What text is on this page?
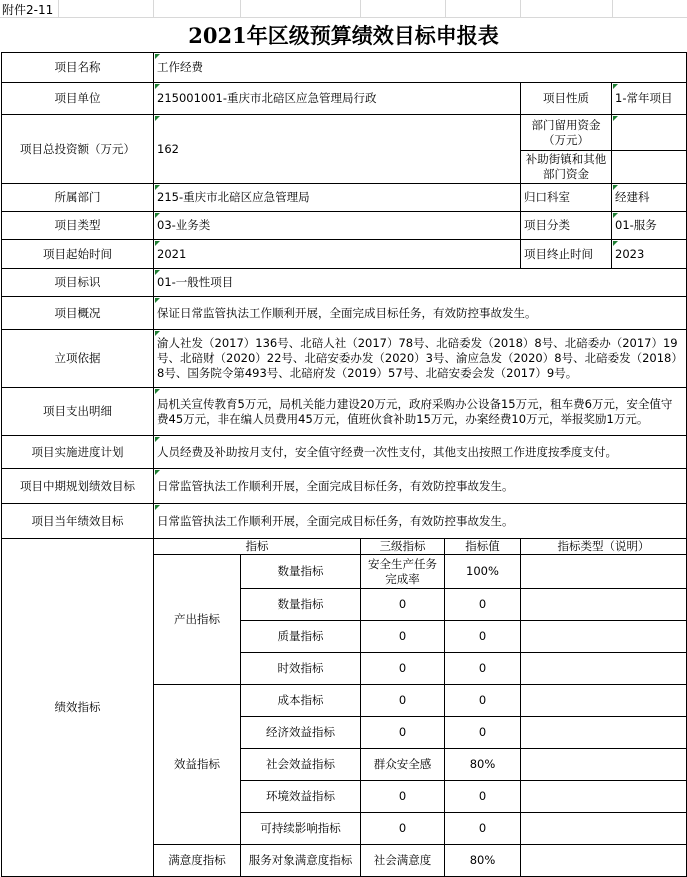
附件2-11
2021年区级预算绩效目标申报表
项目名称	工作经费					
项目单位	215001001-重庆市北碚区应急管理局行政				项目性质	1-常年项目
项目总投资额（万元）	162				部门留用资金（万元）	
					补助街镇和其他部门资金	
所属部门	215-重庆市北碚区应急管理局				归口科室	经建科
项目类型	03-业务类				项目分类	01-服务
项目起始时间	2021				项目终止时间	2023
项目标识	01-一般性项目					
项目概况	保证日常监管执法工作顺利开展，全面完成目标任务，有效防控事故发生。					
立项依据	渝人社发（2017）136号、北碚人社（2017）78号、北碚委发（2018）8号、北碚委办（2017）19号、北碚财（2020）22号、北碚安委办发（2020）3号、渝应急发（2020）8号、北碚委发（2018）8号、国务院令第493号、北碚府发（2019）57号、北碚安委会发（2017）9号。					
项目支出明细	局机关宣传教育5万元，局机关能力建设20万元，政府采购办公设备15万元，租车费6万元，安全值守费45万元，非在编人员费用45万元，值班伙食补助15万元，办案经费10万元，举报奖励1万元。					
项目实施进度计划	人员经费及补助按月支付，安全值守经费一次性支付，其他支出按照工作进度按季度支付。					
项目中期规划绩效目标	日常监管执法工作顺利开展，全面完成目标任务，有效防控事故发生。					
项目当年绩效目标	日常监管执法工作顺利开展，全面完成目标任务，有效防控事故发生。					
绩效指标	指标		三级指标	指标值	指标类型（说明）	
	产出指标	数量指标	安全生产任务完成率	100%		
		数量指标	0	0		
		质量指标	0	0		
		时效指标	0	0		
	效益指标	成本指标	0	0		
		经济效益指标	0	0		
		社会效益指标	群众安全感	80%		
		环境效益指标	0	0		
		可持续影响指标	0	0		
	满意度指标	服务对象满意度指标	社会满意度	80%		
